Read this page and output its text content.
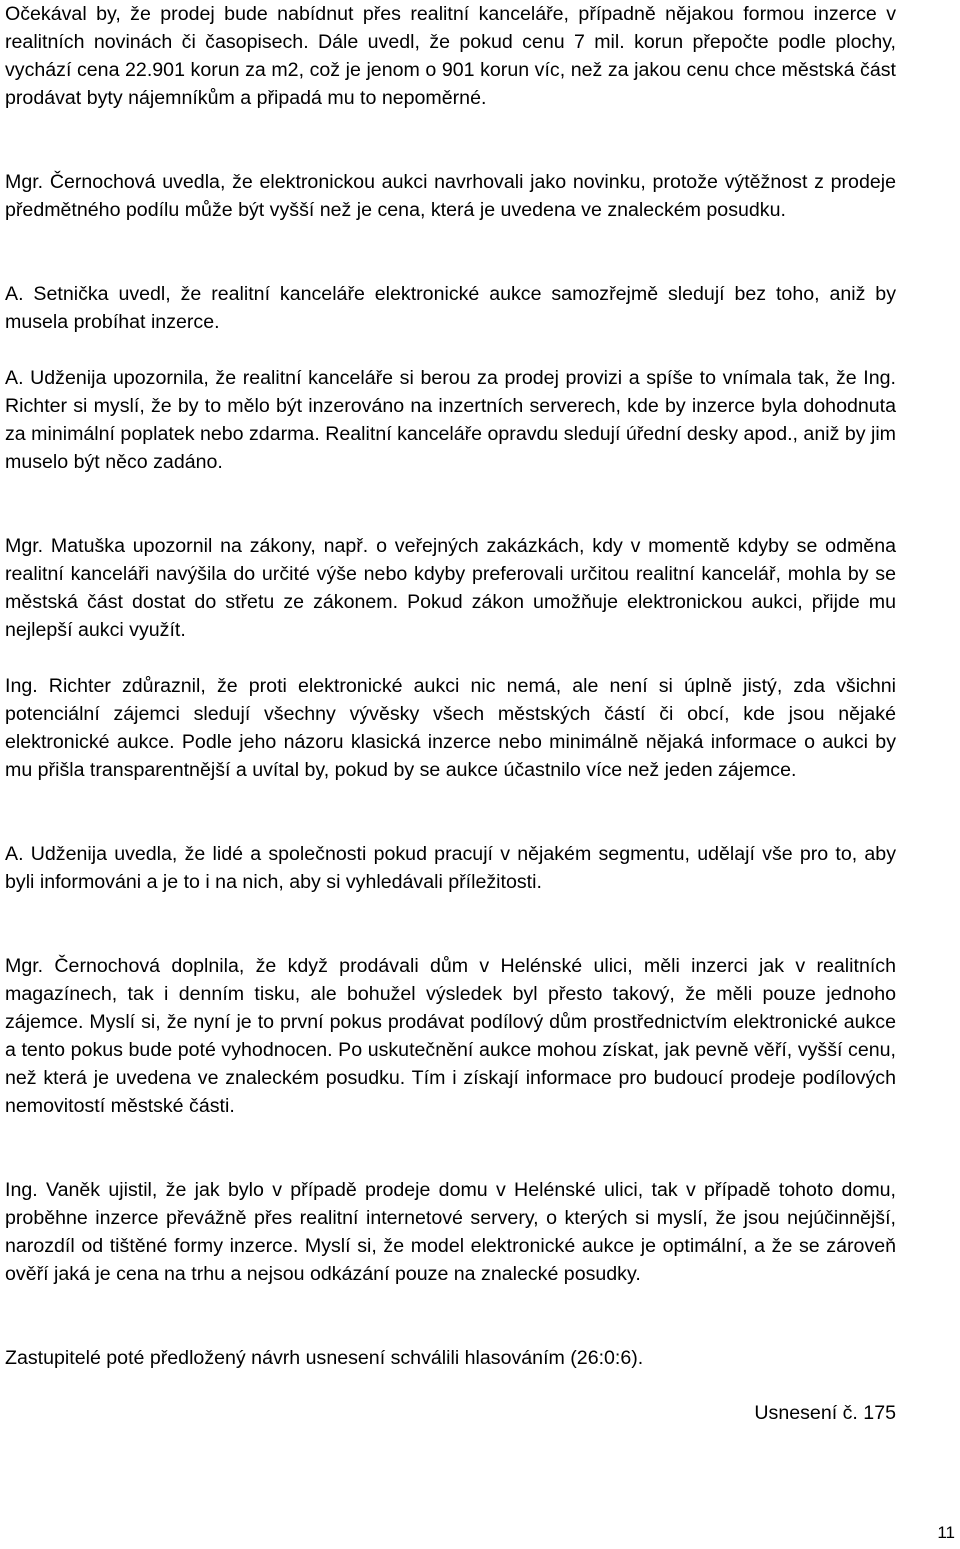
Očekával by, že prodej bude nabídnut přes realitní kanceláře, případně nějakou formou inzerce v realitních novinách či časopisech. Dále uvedl, že pokud cenu 7 mil. korun přepočte podle plochy, vychází cena 22.901 korun za m2, což je jenom o 901 korun víc, než za jakou cenu chce městská část prodávat byty nájemníkům a připadá mu to nepoměrné.

Mgr. Černochová uvedla, že elektronickou aukci navrhovali jako novinku, protože výtěžnost z prodeje předmětného podílu může být vyšší než je cena, která je uvedena ve znaleckém posudku.

A. Setnička uvedl, že realitní kanceláře elektronické aukce samozřejmě sledují bez toho, aniž by musela probíhat inzerce.

A. Udženija upozornila, že realitní kanceláře si berou za prodej provizi a spíše to vnímala tak, že Ing. Richter si myslí, že by to mělo být inzerováno na inzertních serverech, kde by inzerce byla dohodnuta za minimální poplatek nebo zdarma. Realitní kanceláře opravdu sledují úřední desky apod., aniž by jim muselo být něco zadáno.

Mgr. Matuška upozornil na zákony, např. o veřejných zakázkách, kdy v momentě kdyby se odměna realitní kanceláři navýšila do určité výše nebo kdyby preferovali určitou realitní kancelář, mohla by se městská část dostat do střetu ze zákonem. Pokud zákon umožňuje elektronickou aukci, přijde mu nejlepší aukci využít.

Ing. Richter zdůraznil, že proti elektronické aukci nic nemá, ale není si úplně jistý, zda všichni potenciální zájemci sledují všechny vývěsky všech městských částí či obcí, kde jsou nějaké elektronické aukce. Podle jeho názoru klasická inzerce nebo minimálně nějaká informace o aukci by mu přišla transparentnější a uvítal by, pokud by se aukce účastnilo více než jeden zájemce.

A. Udženija uvedla, že lidé a společnosti pokud pracují v nějakém segmentu, udělají vše pro to, aby byli informováni a je to i na nich, aby si vyhledávali příležitosti.

Mgr. Černochová doplnila, že když prodávali dům v Helénské ulici, měli inzerci jak v realitních magazínech, tak i denním tisku, ale bohužel výsledek byl přesto takový, že měli pouze jednoho zájemce. Myslí si, že nyní je to první pokus prodávat podílový dům prostřednictvím elektronické aukce a tento pokus bude poté vyhodnocen. Po uskutečnění aukce mohou získat, jak pevně věří, vyšší cenu, než která je uvedena ve znaleckém posudku. Tím i získají informace pro budoucí prodeje podílových nemovitostí městské části.

Ing. Vaněk ujistil, že jak bylo v případě prodeje domu v Helénské ulici, tak v případě tohoto domu, proběhne inzerce převážně přes realitní internetové servery, o kterých si myslí, že jsou nejúčinnější, narozdíl od tištěné formy inzerce. Myslí si, že model elektronické aukce je optimální, a že se zároveň ověří jaká je cena na trhu a nejsou odkázání pouze na znalecké posudky.

Zastupitelé poté předložený návrh usnesení schválili hlasováním (26:0:6).

Usnesení č. 175

11
